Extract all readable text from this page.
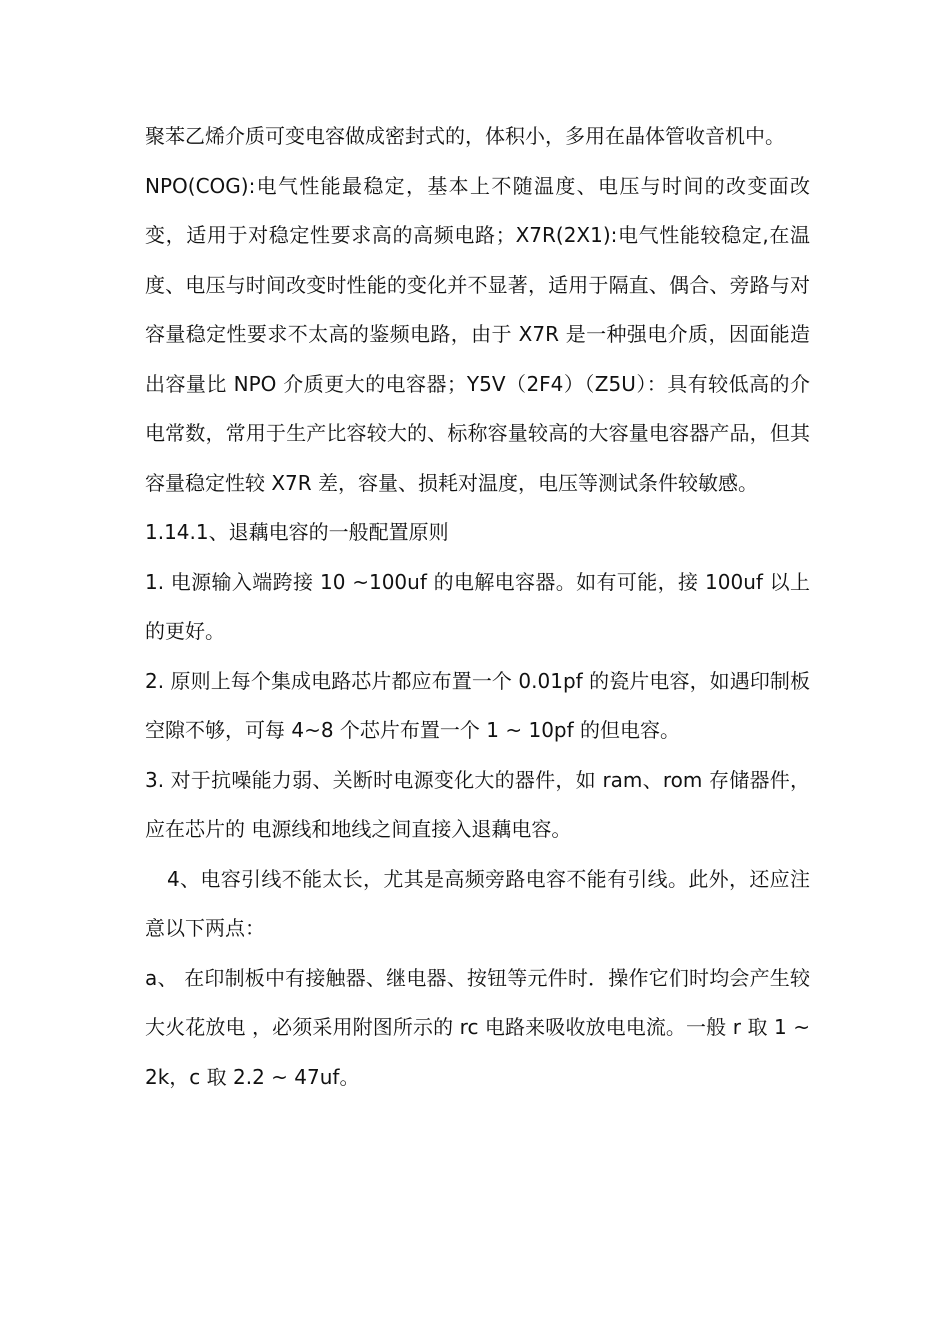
聚苯乙烯介质可变电容做成密封式的，体积小，多用在晶体管收音机中。

NPO(COG):电气性能最稳定，基本上不随温度、电压与时间的改变面改变，适用于对稳定性要求高的高频电路；X7R(2X1):电气性能较稳定,在温度、电压与时间改变时性能的变化并不显著，适用于隔直、偶合、旁路与对容量稳定性要求不太高的鉴频电路，由于 X7R 是一种强电介质，因面能造出容量比 NPO 介质更大的电容器；Y5V（2F4）（Z5U）：具有较低高的介电常数，常用于生产比容较大的、标称容量较高的大容量电容器产品，但其容量稳定性较 X7R 差，容量、损耗对温度，电压等测试条件较敏感。

1.14.1、退藕电容的一般配置原则

1. 电源输入端跨接 10 ~100uf 的电解电容器。如有可能，接 100uf 以上的更好。

2. 原则上每个集成电路芯片都应布置一个 0.01pf 的瓷片电容，如遇印制板空隙不够，可每 4~8 个芯片布置一个 1 ~ 10pf 的但电容。

3. 对于抗噪能力弱、关断时电源变化大的器件，如 ram、rom 存储器件，应在芯片的 电源线和地线之间直接入退藕电容。

4、电容引线不能太长，尤其是高频旁路电容不能有引线。此外，还应注意以下两点：

a、 在印制板中有接触器、继电器、按钮等元件时．操作它们时均会产生较大火花放电 ，必须采用附图所示的 rc 电路来吸收放电电流。一般 r 取 1 ~ 2k，c 取 2.2 ~ 47uf。
